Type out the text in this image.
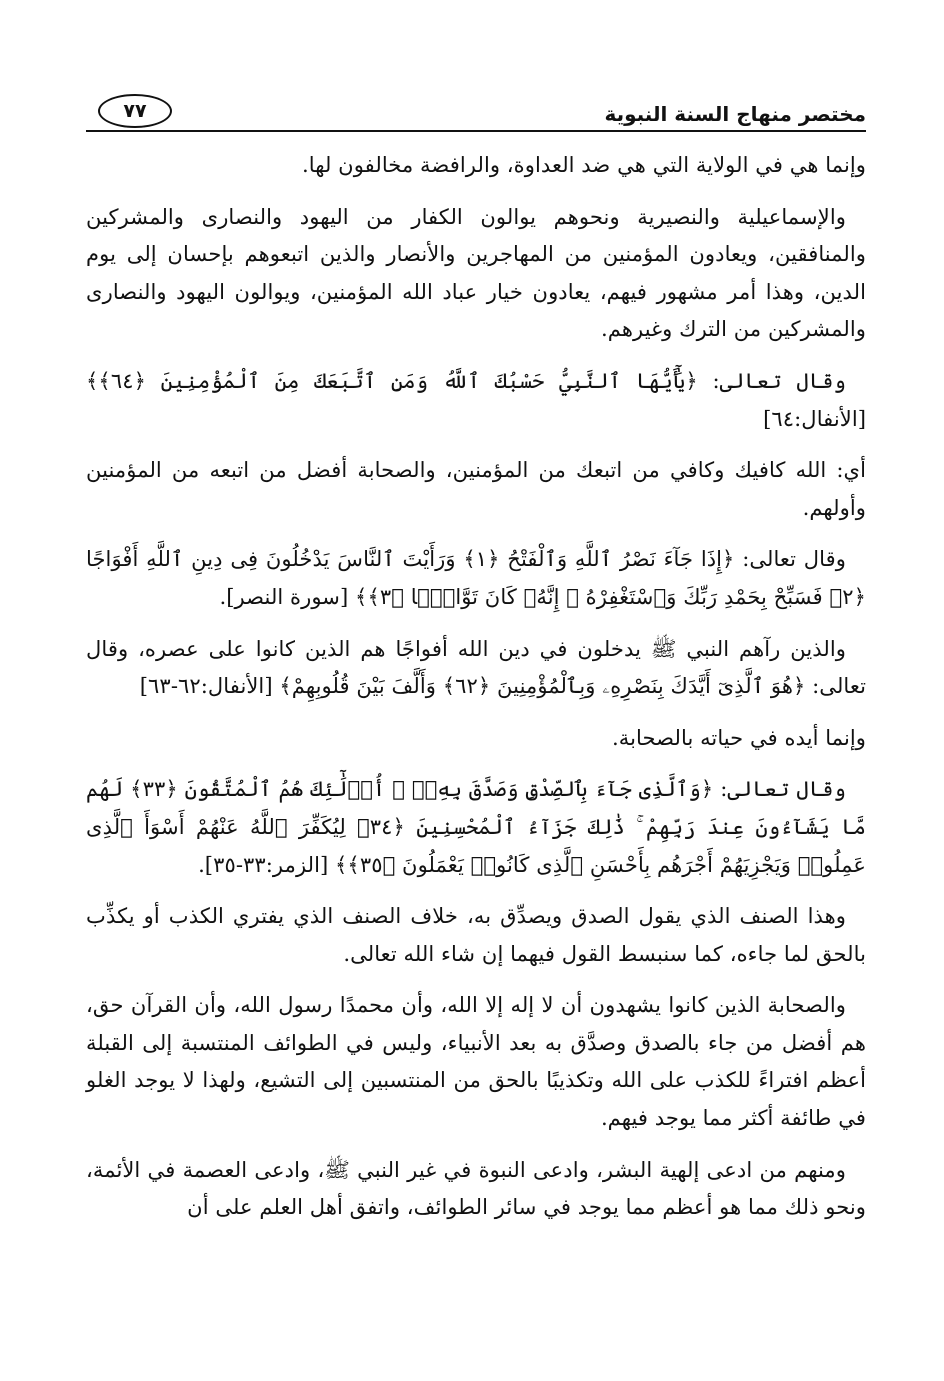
مختصر منهاج السنة النبوية
٧٧

وإنما هي في الولاية التي هي ضد العداوة، والرافضة مخالفون لها.

والإسماعيلية والنصيرية ونحوهم يوالون الكفار من اليهود والنصارى والمشركين والمنافقين، ويعادون المؤمنين من المهاجرين والأنصار والذين اتبعوهم بإحسان إلى يوم الدين، وهذا أمر مشهور فيهم، يعادون خيار عباد الله المؤمنين، ويوالون اليهود والنصارى والمشركين من الترك وغيرهم.

وقال تعالى: ﴿يَٰٓأَيُّهَا ٱلنَّبِيُّ حَسْبُكَ ٱللَّهُ وَمَنِ ٱتَّبَعَكَ مِنَ ٱلْمُؤْمِنِينَ ﴿٦٤﴾﴾ [الأنفال:٦٤]

أي: الله كافيك وكافي من اتبعك من المؤمنين، والصحابة أفضل من اتبعه من المؤمنين وأولهم.

وقال تعالى: ﴿إِذَا جَآءَ نَصْرُ ٱللَّهِ وَٱلْفَتْحُ ﴿١﴾ وَرَأَيْتَ ٱلنَّاسَ يَدْخُلُونَ فِى دِينِ ٱللَّهِ أَفْوَاجًا ﴿٢﴾ فَسَبِّحْ بِحَمْدِ رَبِّكَ وَٱسْتَغْفِرْهُ ۚ إِنَّهُۥ كَانَ تَوَّابًۢا ﴿٣﴾﴾ [سورة النصر].

والذين رآهم النبي ﷺ يدخلون في دين الله أفواجًا هم الذين كانوا على عصره، وقال تعالى: ﴿هُوَ ٱلَّذِىٓ أَيَّدَكَ بِنَصْرِهِۦ وَبِٱلْمُؤْمِنِينَ ﴿٦٢﴾ وَأَلَّفَ بَيْنَ قُلُوبِهِمْ﴾ [الأنفال:٦٢-٦٣]

وإنما أيده في حياته بالصحابة.

وقال تعالى: ﴿وَٱلَّذِى جَآءَ بِٱلصِّدْقِ وَصَدَّقَ بِهِۦٓ ۙ أُو۟لَٰٓئِكَ هُمُ ٱلْمُتَّقُونَ ﴿٣٣﴾ لَهُم مَّا يَشَآءُونَ عِندَ رَبِّهِمْ ۚ ذَٰلِكَ جَزَآءُ ٱلْمُحْسِنِينَ ﴿٣٤﴾ لِيُكَفِّرَ ٱللَّهُ عَنْهُمْ أَسْوَأَ ٱلَّذِى عَمِلُوا۟ وَيَجْزِيَهُمْ أَجْرَهُم بِأَحْسَنِ ٱلَّذِى كَانُوا۟ يَعْمَلُونَ ﴿٣٥﴾﴾ [الزمر:٣٣-٣٥].

وهذا الصنف الذي يقول الصدق ويصدِّق به، خلاف الصنف الذي يفتري الكذب أو يكذِّب بالحق لما جاءه، كما سنبسط القول فيهما إن شاء الله تعالى.

والصحابة الذين كانوا يشهدون أن لا إله إلا الله، وأن محمدًا رسول الله، وأن القرآن حق، هم أفضل من جاء بالصدق وصدَّق به بعد الأنبياء، وليس في الطوائف المنتسبة إلى القبلة أعظم افتراءً للكذب على الله وتكذيبًا بالحق من المنتسبين إلى التشيع، ولهذا لا يوجد الغلو في طائفة أكثر مما يوجد فيهم.

ومنهم من ادعى إلهية البشر، وادعى النبوة في غير النبي ﷺ، وادعى العصمة في الأئمة، ونحو ذلك مما هو أعظم مما يوجد في سائر الطوائف، واتفق أهل العلم على أن
